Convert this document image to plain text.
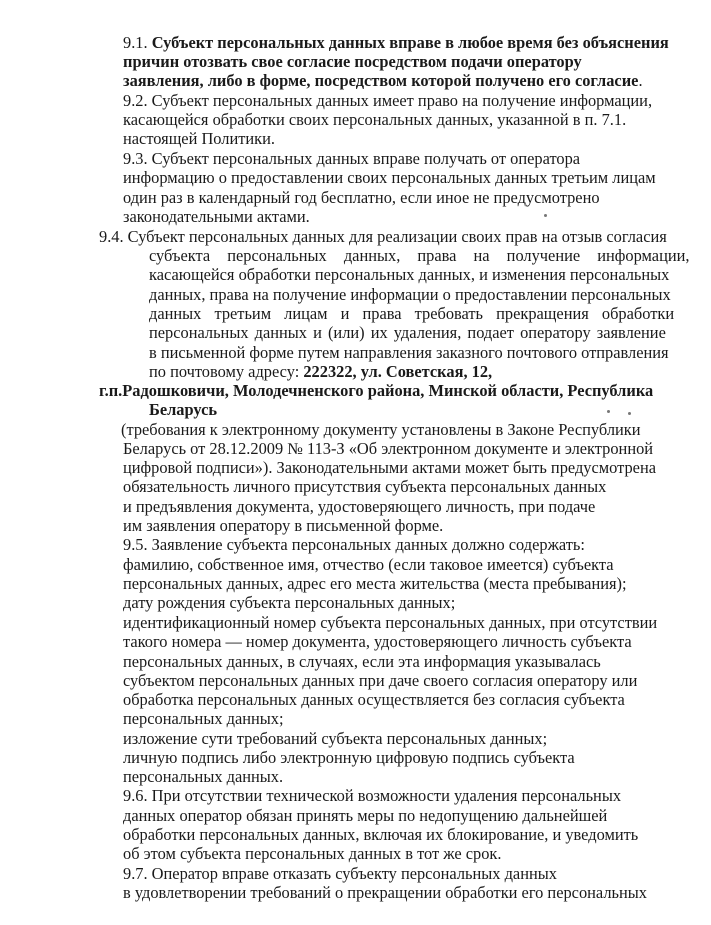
9.1. Субъект персональных данных вправе в любое время без объяснения
причин отозвать свое согласие посредством подачи оператору
заявления, либо в форме, посредством которой получено его согласие.
9.2. Субъект персональных данных имеет право на получение информации,
касающейся обработки своих персональных данных, указанной в п. 7.1.
настоящей Политики.
9.3. Субъект персональных данных вправе получать от оператора
информацию о предоставлении своих персональных данных третьим лицам
один раз в календарный год бесплатно, если иное не предусмотрено
законодательными актами.
9.4. Субъект персональных данных для реализации своих прав на отзыв согласия
субъекта персональных данных, права на получение информации,
касающейся обработки персональных данных, и изменения персональных
данных, права на получение информации о предоставлении персональных
данных третьим лицам и права требовать прекращения обработки
персональных данных и (или) их удаления, подает оператору заявление
в письменной форме путем направления заказного почтового отправления
по почтовому адресу: 222322, ул. Советская, 12,
г.п.Радошковичи, Молодечненского района, Минской области, Республика
Беларусь
(требования к электронному документу установлены в Законе Республики
Беларусь от 28.12.2009 № 113-З «Об электронном документе и электронной
цифровой подписи»). Законодательными актами может быть предусмотрена
обязательность личного присутствия субъекта персональных данных
и предъявления документа, удостоверяющего личность, при подаче
им заявления оператору в письменной форме.
9.5. Заявление субъекта персональных данных должно содержать:
фамилию, собственное имя, отчество (если таковое имеется) субъекта
персональных данных, адрес его места жительства (места пребывания);
дату рождения субъекта персональных данных;
идентификационный номер субъекта персональных данных, при отсутствии
такого номера — номер документа, удостоверяющего личность субъекта
персональных данных, в случаях, если эта информация указывалась
субъектом персональных данных при даче своего согласия оператору или
обработка персональных данных осуществляется без согласия субъекта
персональных данных;
изложение сути требований субъекта персональных данных;
личную подпись либо электронную цифровую подпись субъекта
персональных данных.
9.6. При отсутствии технической возможности удаления персональных
данных оператор обязан принять меры по недопущению дальнейшей
обработки персональных данных, включая их блокирование, и уведомить
об этом субъекта персональных данных в тот же срок.
9.7. Оператор вправе отказать субъекту персональных данных
в удовлетворении требований о прекращении обработки его персональных
